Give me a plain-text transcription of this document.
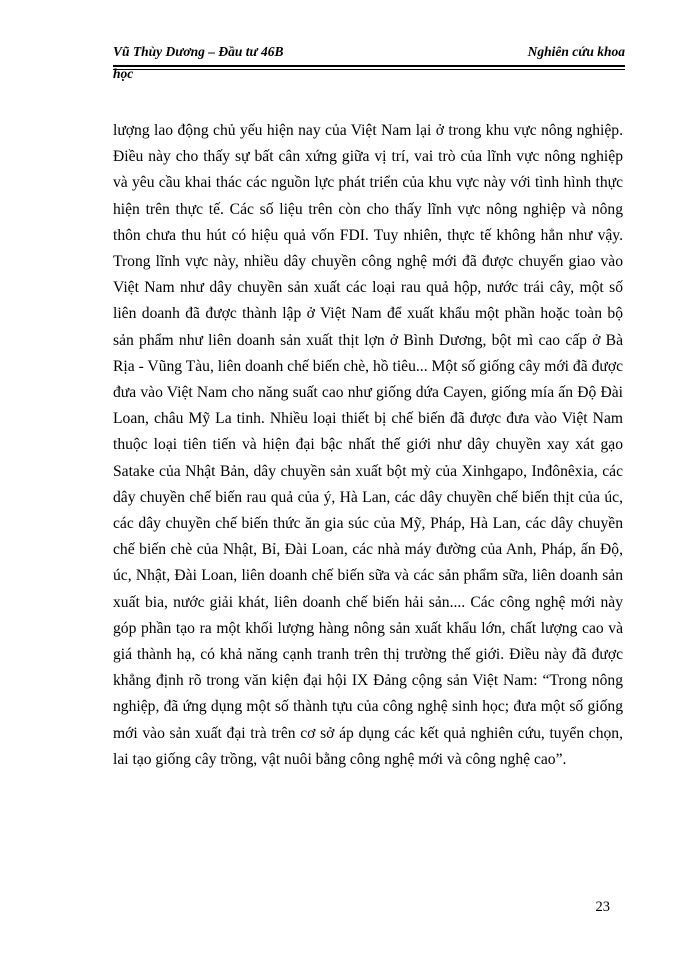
Vũ Thùy Dương – Đầu tư 46B	Nghiên cứu khoa
học

lượng lao động chủ yếu hiện nay của Việt Nam lại ở trong khu vực nông nghiệp. Điều này cho thấy sự bất cân xứng giữa vị trí, vai trò của lĩnh vực nông nghiệp và yêu cầu khai thác các nguồn lực phát triển của khu vực này với tình hình thực hiện trên thực tế. Các số liệu trên còn cho thấy lĩnh vực nông nghiệp và nông thôn chưa thu hút có hiệu quả vốn FDI. Tuy nhiên, thực tế không hẳn như vậy. Trong lĩnh vực này, nhiều dây chuyền công nghệ mới đã được chuyển giao vào Việt Nam như dây chuyền sản xuất các loại rau quả hộp, nước trái cây, một số liên doanh đã được thành lập ở Việt Nam để xuất khẩu một phần hoặc toàn bộ sản phẩm như liên doanh sản xuất thịt lợn ở Bình Dương, bột mì cao cấp ở Bà Rịa - Vũng Tàu, liên doanh chế biến chè, hồ tiêu... Một số giống cây mới đã được đưa vào Việt Nam cho năng suất cao như giống dứa Cayen, giống mía ấn Độ Đài Loan, châu Mỹ La tinh. Nhiều loại thiết bị chế biến đã được đưa vào Việt Nam thuộc loại tiên tiến và hiện đại bậc nhất thế giới như dây chuyền xay xát gạo Satake của Nhật Bản, dây chuyền sản xuất bột mỳ của Xinhgapo, Inđônêxia, các dây chuyền chế biến rau quả của ý, Hà Lan, các dây chuyền chế biến thịt của úc, các dây chuyền chế biến thức ăn gia súc của Mỹ, Pháp, Hà Lan, các dây chuyền chế biến chè của Nhật, Bỉ, Đài Loan, các nhà máy đường của Anh, Pháp, ấn Độ, úc, Nhật, Đài Loan, liên doanh chế biến sữa và các sản phẩm sữa, liên doanh sản xuất bia, nước giải khát, liên doanh chế biến hải sản.... Các công nghệ mới này góp phần tạo ra một khối lượng hàng nông sản xuất khẩu lớn, chất lượng cao và giá thành hạ, có khả năng cạnh tranh trên thị trường thế giới. Điều này đã được khẳng định rõ trong văn kiện đại hội IX Đảng cộng sản Việt Nam: “Trong nông nghiệp, đã ứng dụng một số thành tựu của công nghệ sinh học; đưa một số giống mới vào sản xuất đại trà trên cơ sở áp dụng các kết quả nghiên cứu, tuyển chọn, lai tạo giống cây trồng, vật nuôi bằng công nghệ mới và công nghệ cao”.

23
